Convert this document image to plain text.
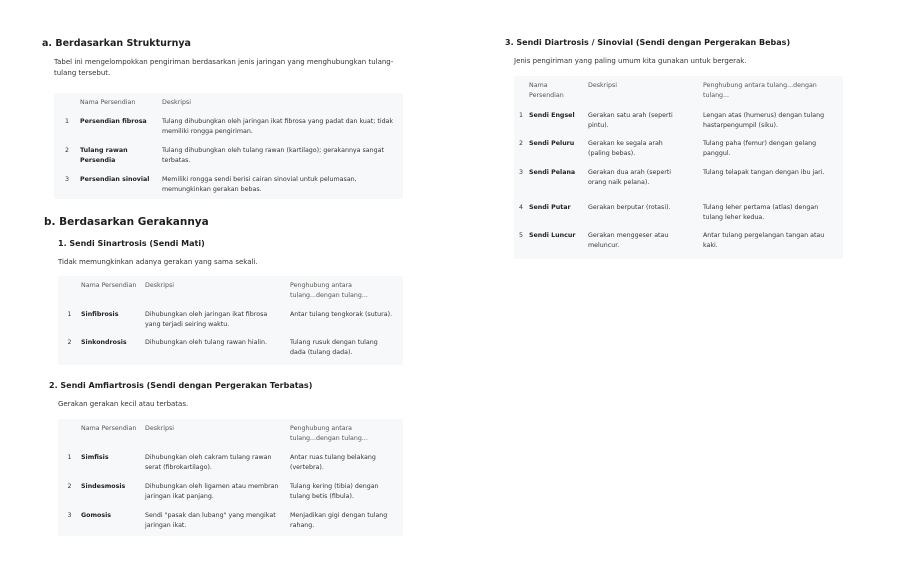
a. Berdasarkan Strukturnya
Tabel ini mengelompokkan pengiriman berdasarkan jenis jaringan yang menghubungkan tulang-tulang tersebut.
	Nama Persendian	Deskripsi
1	Persendian fibrosa	Tulang dihubungkan oleh jaringan ikat fibrosa yang padat dan kuat; tidak memiliki rongga pengiriman.
2	Tulang rawan Persendia	Tulang dihubungkan oleh tulang rawan (kartilago); gerakannya sangat terbatas.
3	Persendian sinovial	Memiliki rongga sendi berisi cairan sinovial untuk pelumasan, memungkinkan gerakan bebas.
b. Berdasarkan Gerakannya
1. Sendi Sinartrosis (Sendi Mati)
Tidak memungkinkan adanya gerakan yang sama sekali.
	Nama Persendian	Deskripsi	Penghubung antara tulang...dengan tulang...
1	Sinfibrosis	Dihubungkan oleh jaringan ikat fibrosa yang terjadi seiring waktu.	Antar tulang tengkorak (sutura).
2	Sinkondrosis	Dihubungkan oleh tulang rawan hialin.	Tulang rusuk dengan tulang dada (tulang dada).
2. Sendi Amfiartrosis (Sendi dengan Pergerakan Terbatas)
Gerakan gerakan kecil atau terbatas.
	Nama Persendian	Deskripsi	Penghubung antara tulang...dengan tulang...
1	Simfisis	Dihubungkan oleh cakram tulang rawan serat (fibrokartilago).	Antar ruas tulang belakang (vertebra).
2	Sindesmosis	Dihubungkan oleh ligamen atau membran jaringan ikat panjang.	Tulang kering (tibia) dengan tulang betis (fibula).
3	Gomosis	Sendi "pasak dan lubang" yang mengikat jaringan ikat.	Menjadikan gigi dengan tulang rahang.
3. Sendi Diartrosis / Sinovial (Sendi dengan Pergerakan Bebas)
Jenis pengiriman yang paling umum kita gunakan untuk bergerak.
	Nama Persendian	Deskripsi	Penghubung antara tulang...dengan tulang...
1	Sendi Engsel	Gerakan satu arah (seperti pintu).	Lengan atas (humerus) dengan tulang hastarpengumpil (siku).
2	Sendi Peluru	Gerakan ke segala arah (paling bebas).	Tulang paha (femur) dengan gelang panggul.
3	Sendi Pelana	Gerakan dua arah (seperti orang naik pelana).	Tulang telapak tangan dengan ibu jari.
4	Sendi Putar	Gerakan berputar (rotasi).	Tulang leher pertama (atlas) dengan tulang leher kedua.
5	Sendi Luncur	Gerakan menggeser atau meluncur.	Antar tulang pergelangan tangan atau kaki.
